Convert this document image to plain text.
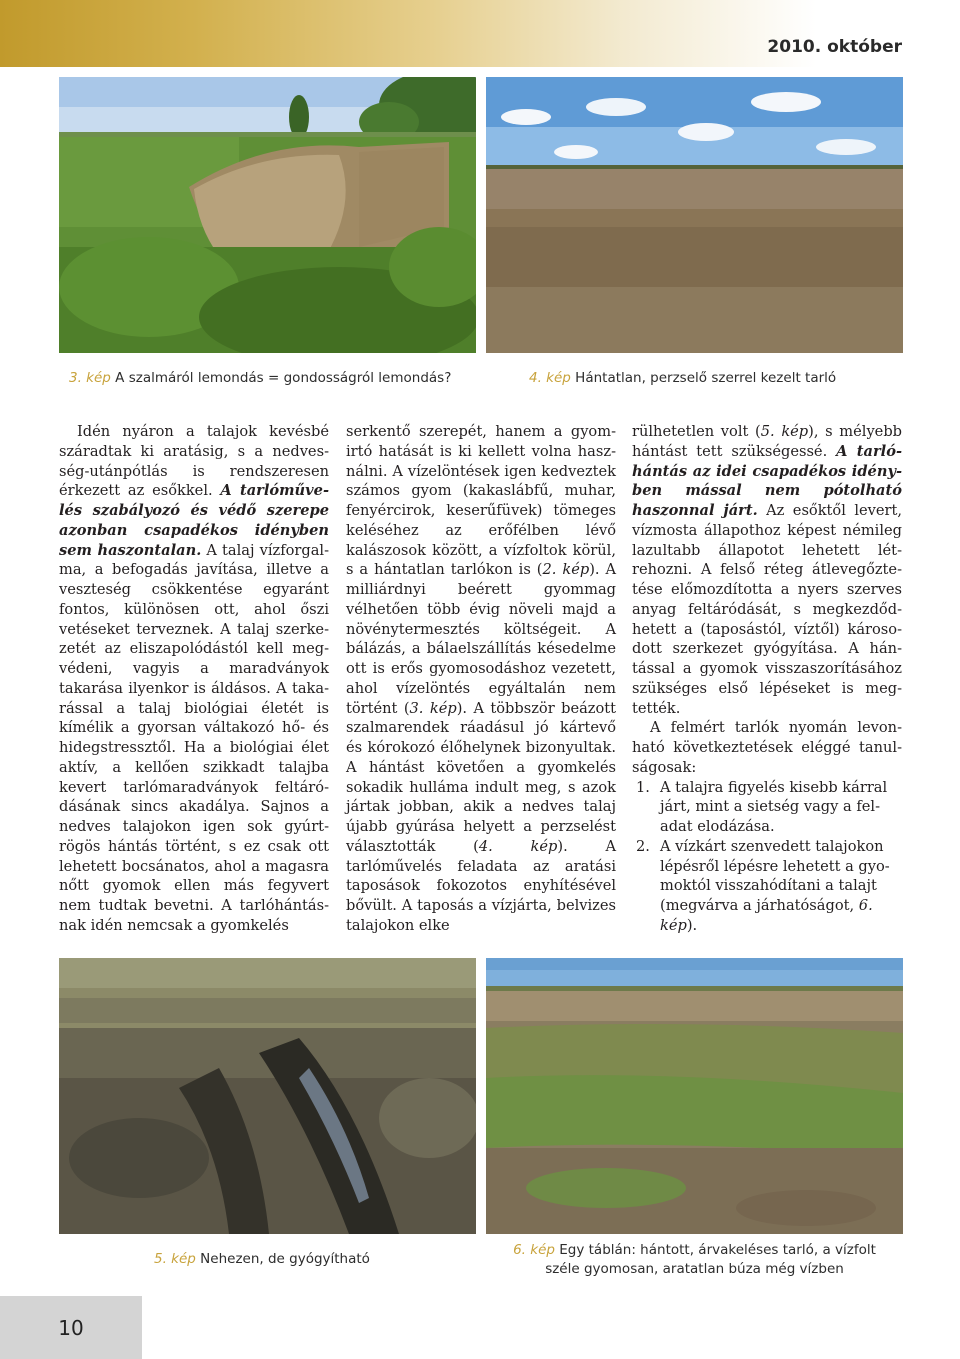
2010. október
3. kép A szalmáról lemondás = gondosságról lemondás?	4. kép Hántatlan, perzselő szerrel kezelt tarló

Idén nyáron a talajok kevésbé száradtak ki aratásig, s a nedvesség-utánpótlás is rendszeresen érkezett az esőkkel. A tarlóművelés szabályozó és védő szerepe azonban csapadékos idényben sem haszontalan. A talaj vízforgalma, a befogadás javítása, illetve a veszteség csökkentése egyaránt fontos, különösen ott, ahol őszi vetéseket terveznek. A talaj szerkezetét az eliszapolódástól kell megvédeni, vagyis a maradványok takarása ilyenkor is áldásos. A takarással a talaj biológiai életét is kímélik a gyorsan váltakozó hő- és hidegstressztől. Ha a biológiai élet aktív, a kellően szikkadt talajba kevert tarlómaradványok feltáródásának sincs akadálya. Sajnos a nedves talajokon igen sok gyúrtrögös hántás történt, s ez csak ott lehetett bocsánatos, ahol a magasra nőtt gyomok ellen más fegyvert nem tudtak bevetni. A tarlóhántásnak idén nemcsak a gyomkelés

serkentő szerepét, hanem a gyomirtó hatását is ki kellett volna használni. A vízelöntések igen kedveztek számos gyom (kakaslábfű, muhar, fenyércirok, keserűfüvek) tömeges keléséhez az erőfélben lévő kalászosok között, a vízfoltok körül, s a hántatlan tarlókon is (2. kép). A milliárdnyi beérett gyommag vélhetően több évig növeli majd a növénytermesztés költségeit. A bálázás, a bálaelszállítás késedelme ott is erős gyomosodáshoz vezetett, ahol vízelöntés egyáltalán nem történt (3. kép). A többször beázott szalmarendek ráadásul jó kártevő és kórokozó élőhelynek bizonyultak. A hántást követően a gyomkelés sokadik hulláma indult meg, s azok jártak jobban, akik a nedves talaj újabb gyúrása helyett a perzselést választották (4. kép). A tarlóművelés feladata az aratási taposások fokozotos enyhítésével bővült. A taposás a vízjárta, belvizes talajokon elke

rülhetetlen volt (5. kép), s mélyebb hántást tett szükségessé. A tarlóhántás az idei csapadékos idényben mással nem pótolható haszonnal járt. Az esőktől levert, vízmosta állapothoz képest némileg lazultabb állapotot lehetett létrehozni. A felső réteg átlevegőztetése előmozdította a nyers szerves anyag feltáródását, s megkezdődhetett a (taposástól, víztől) károsodott szerkezet gyógyítása. A hántással a gyomok visszaszorításához szükséges első lépéseket is megtették.

A felmért tarlók nyomán levonható következtetések eléggé tanulságosak:

1. A talajra figyelés kisebb kárral járt, mint a sietség vagy a feladat elodázása.
2. A vízkárt szenvedett talajokon lépésről lépésre lehetett a gyomoktól visszahódítani a talajt (megvárva a járhatóságot, 6. kép).
5. kép Nehezen, de gyógyítható
6. kép Egy táblán: hántott, árvakeléses tarló, a vízfolt
széle gyomosan, aratatlan búza még vízben
10
